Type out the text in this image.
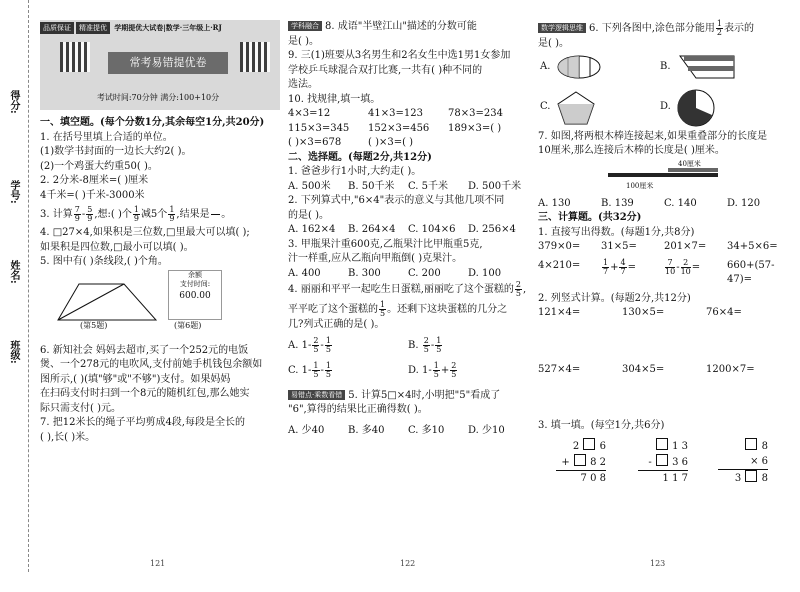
得分:
学号:
姓名:
班级:
品质保证 精准提优 学期提优大试卷|数学·三年级上·RJ
常考易错提优卷
考试时间:70分钟 满分:100+10分

一、填空题。(每个分数1分,其余每空1分,共20分)

1. 在括号里填上合适的单位。

(1)数学书封面的一边长大约2( )。

(2)一个鸡蛋大约重50( )。

2. 2分米-8厘米=( )厘米

4千米=( )千米-3000米

3. 计算 $\frac{7}{9} - \frac{5}{9}$ ,想:( )个 $\frac{1}{9}$ 减5个 $\frac{1}{9}$ ,结果是

。

4. □27×4,如果积是三位数,□里最大可以填( );

如果积是四位数,□最小可以填( )。

5. 图中有( )条线段,( )个角。

余额
支付时间:
600.00
(第5题)	(第6题)

6. 新知社会 妈妈去超市,买了一个252元的电饭

煲、一个278元的电吹风,支付前她手机钱包余额如

图所示,( )(填"够"或"不够")支付。如果妈妈

在扫码支付时扫到一个8元的随机红包,那么她实

际只需支付( )元。

7. 把12米长的绳子平均剪成4段,每段是全长的

( ),长( )米。

121

学科融合 8. 成语"半壁江山"描述的分数可能

是( )。

9. 三(1)班要从3名男生和2名女生中选1男1女参加

学校乒乓球混合双打比赛,一共有( )种不同的

选法。

10. 找规律,填一填。

4×3=12	41×3=123	78×3=234
115×3=345	152×3=456	189×3=( )
( )×3=678	( )×3=( )

二、选择题。(每题2分,共12分)

1. 爸爸步行1小时,大约走( )。

A. 500米	B. 50千米	C. 5千米	D. 500千米

2. 下列算式中,"6×4"表示的意义与其他几项不同

的是( )。

A. 162×4	B. 264×4	C. 104×6	D. 256×4

3. 甲瓶果汁重600克,乙瓶果汁比甲瓶重5克,

汁一样重,应从乙瓶向甲瓶倒( )克果汁。

A. 400	B. 300	C. 200	D. 100

4. 丽丽和平平一起吃生日蛋糕,丽丽吃了这个蛋糕的 $\frac{2}{5}$ ,

平平吃了这个蛋糕的 $\frac{1}{5}$ 。还剩下这块蛋糕的几分之

几?列式正确的是( )。

A. $1- \frac{2}{5} - \frac{1}{5}$	B. $\frac{2}{5} - \frac{1}{5}$
C. $1- \frac{1}{5} - \frac{1}{5}$	D. $1- \frac{1}{5} + \frac{2}{5}$

易错点·乘数看错 5. 计算5□×4时,小明把"5"看成了

"6",算得的结果比正确得数( )。

A. 少40	B. 多40	C. 多10	D. 少10
122

数学逻辑思维 6. 下列各图中,涂色部分能用 $\frac{1}{2}$ 表示的

是( )。

A.	B.
C.	D.

7. 如图,将两根木棒连接起来,如果重叠部分的长度是

10厘米,那么连接后木棒的长度是( )厘米。

40厘米
100厘米
A. 130	B. 139	C. 140	D. 120

三、计算题。(共32分)

1. 直接写出得数。(每题1分,共8分)

379×0=	31×5=	201×7=	34+5×6=
4×210=	$\frac{1}{7} + \frac{4}{7}$ =	$\frac{7}{10} - \frac{2}{10}$ =	660+(57-47)=

2. 列竖式计算。(每题2分,共12分)

121×4=	130×5=	76×4=
527×4=	304×5=	1200×7=

3. 填一填。(每空1分,共6分)

2  6
+  8 2
7 0 8
1 3
-  3 6
1 1 7
8
× 6
3  8
123
